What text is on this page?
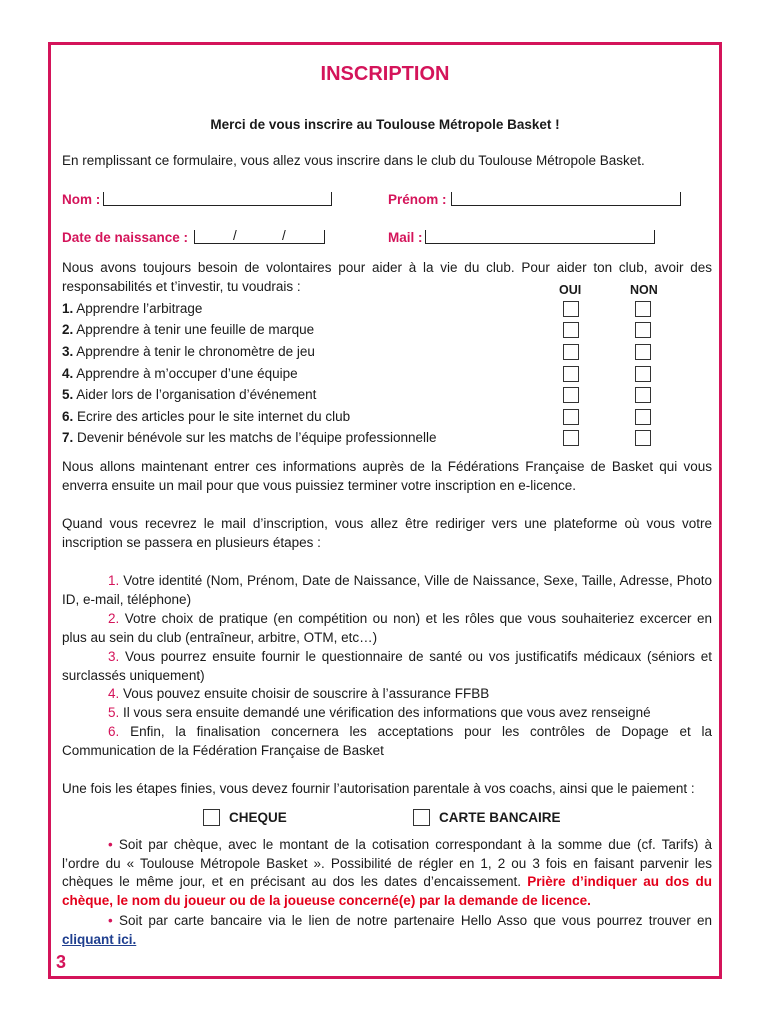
INSCRIPTION
Merci de vous inscrire au Toulouse Métropole Basket !
En remplissant ce formulaire, vous allez vous inscrire dans le club du Toulouse Métropole Basket.
Nom :	Prénom :
Date de naissance :	/	/	Mail :
Nous avons toujours besoin de volontaires pour aider à la vie du club. Pour aider ton club, avoir des responsabilités et t’investir, tu voudrais :	OUI	NON
1. Apprendre l’arbitrage
2. Apprendre à tenir une feuille de marque
3. Apprendre à tenir le chronomètre de jeu
4. Apprendre à m’occuper d’une équipe
5. Aider lors de l’organisation d’événement
6. Ecrire des articles pour le site internet du club
7. Devenir bénévole sur les matchs de l’équipe professionnelle
Nous allons maintenant entrer ces informations auprès de la Fédérations Française de Basket qui vous enverra ensuite un mail pour que vous puissiez terminer votre inscription en e-licence.
Quand vous recevrez le mail d’inscription, vous allez être rediriger vers une plateforme où vous votre inscription se passera en plusieurs étapes :
1. Votre identité (Nom, Prénom, Date de Naissance, Ville de Naissance, Sexe, Taille, Adresse, Photo ID, e-mail, téléphone)
2. Votre choix de pratique (en compétition ou non) et les rôles que vous souhaiteriez excercer en plus au sein du club (entraîneur, arbitre, OTM, etc…)
3. Vous pourrez ensuite fournir le questionnaire de santé ou vos justificatifs médicaux (séniors et surclassés uniquement)
4. Vous pouvez ensuite choisir de souscrire à l’assurance FFBB
5. Il vous sera ensuite demandé une vérification des informations que vous avez renseigné
6. Enfin, la finalisation concernera les acceptations pour les contrôles de Dopage et la Communication de la Fédération Française de Basket
Une fois les étapes finies, vous devez fournir l’autorisation parentale à vos coachs, ainsi que le paiement :
CHEQUE	CARTE BANCAIRE
• Soit par chèque, avec le montant de la cotisation correspondant à la somme due (cf. Tarifs) à l’ordre du « Toulouse Métropole Basket ». Possibilité de régler en 1, 2 ou 3 fois en faisant parvenir les chèques le même jour, et en précisant au dos les dates d’encaissement. Prière d’indiquer au dos du chèque, le nom du joueur ou de la joueuse concerné(e) par la demande de licence.
• Soit par carte bancaire via le lien de notre partenaire Hello Asso que vous pourrez trouver en cliquant ici.
3
